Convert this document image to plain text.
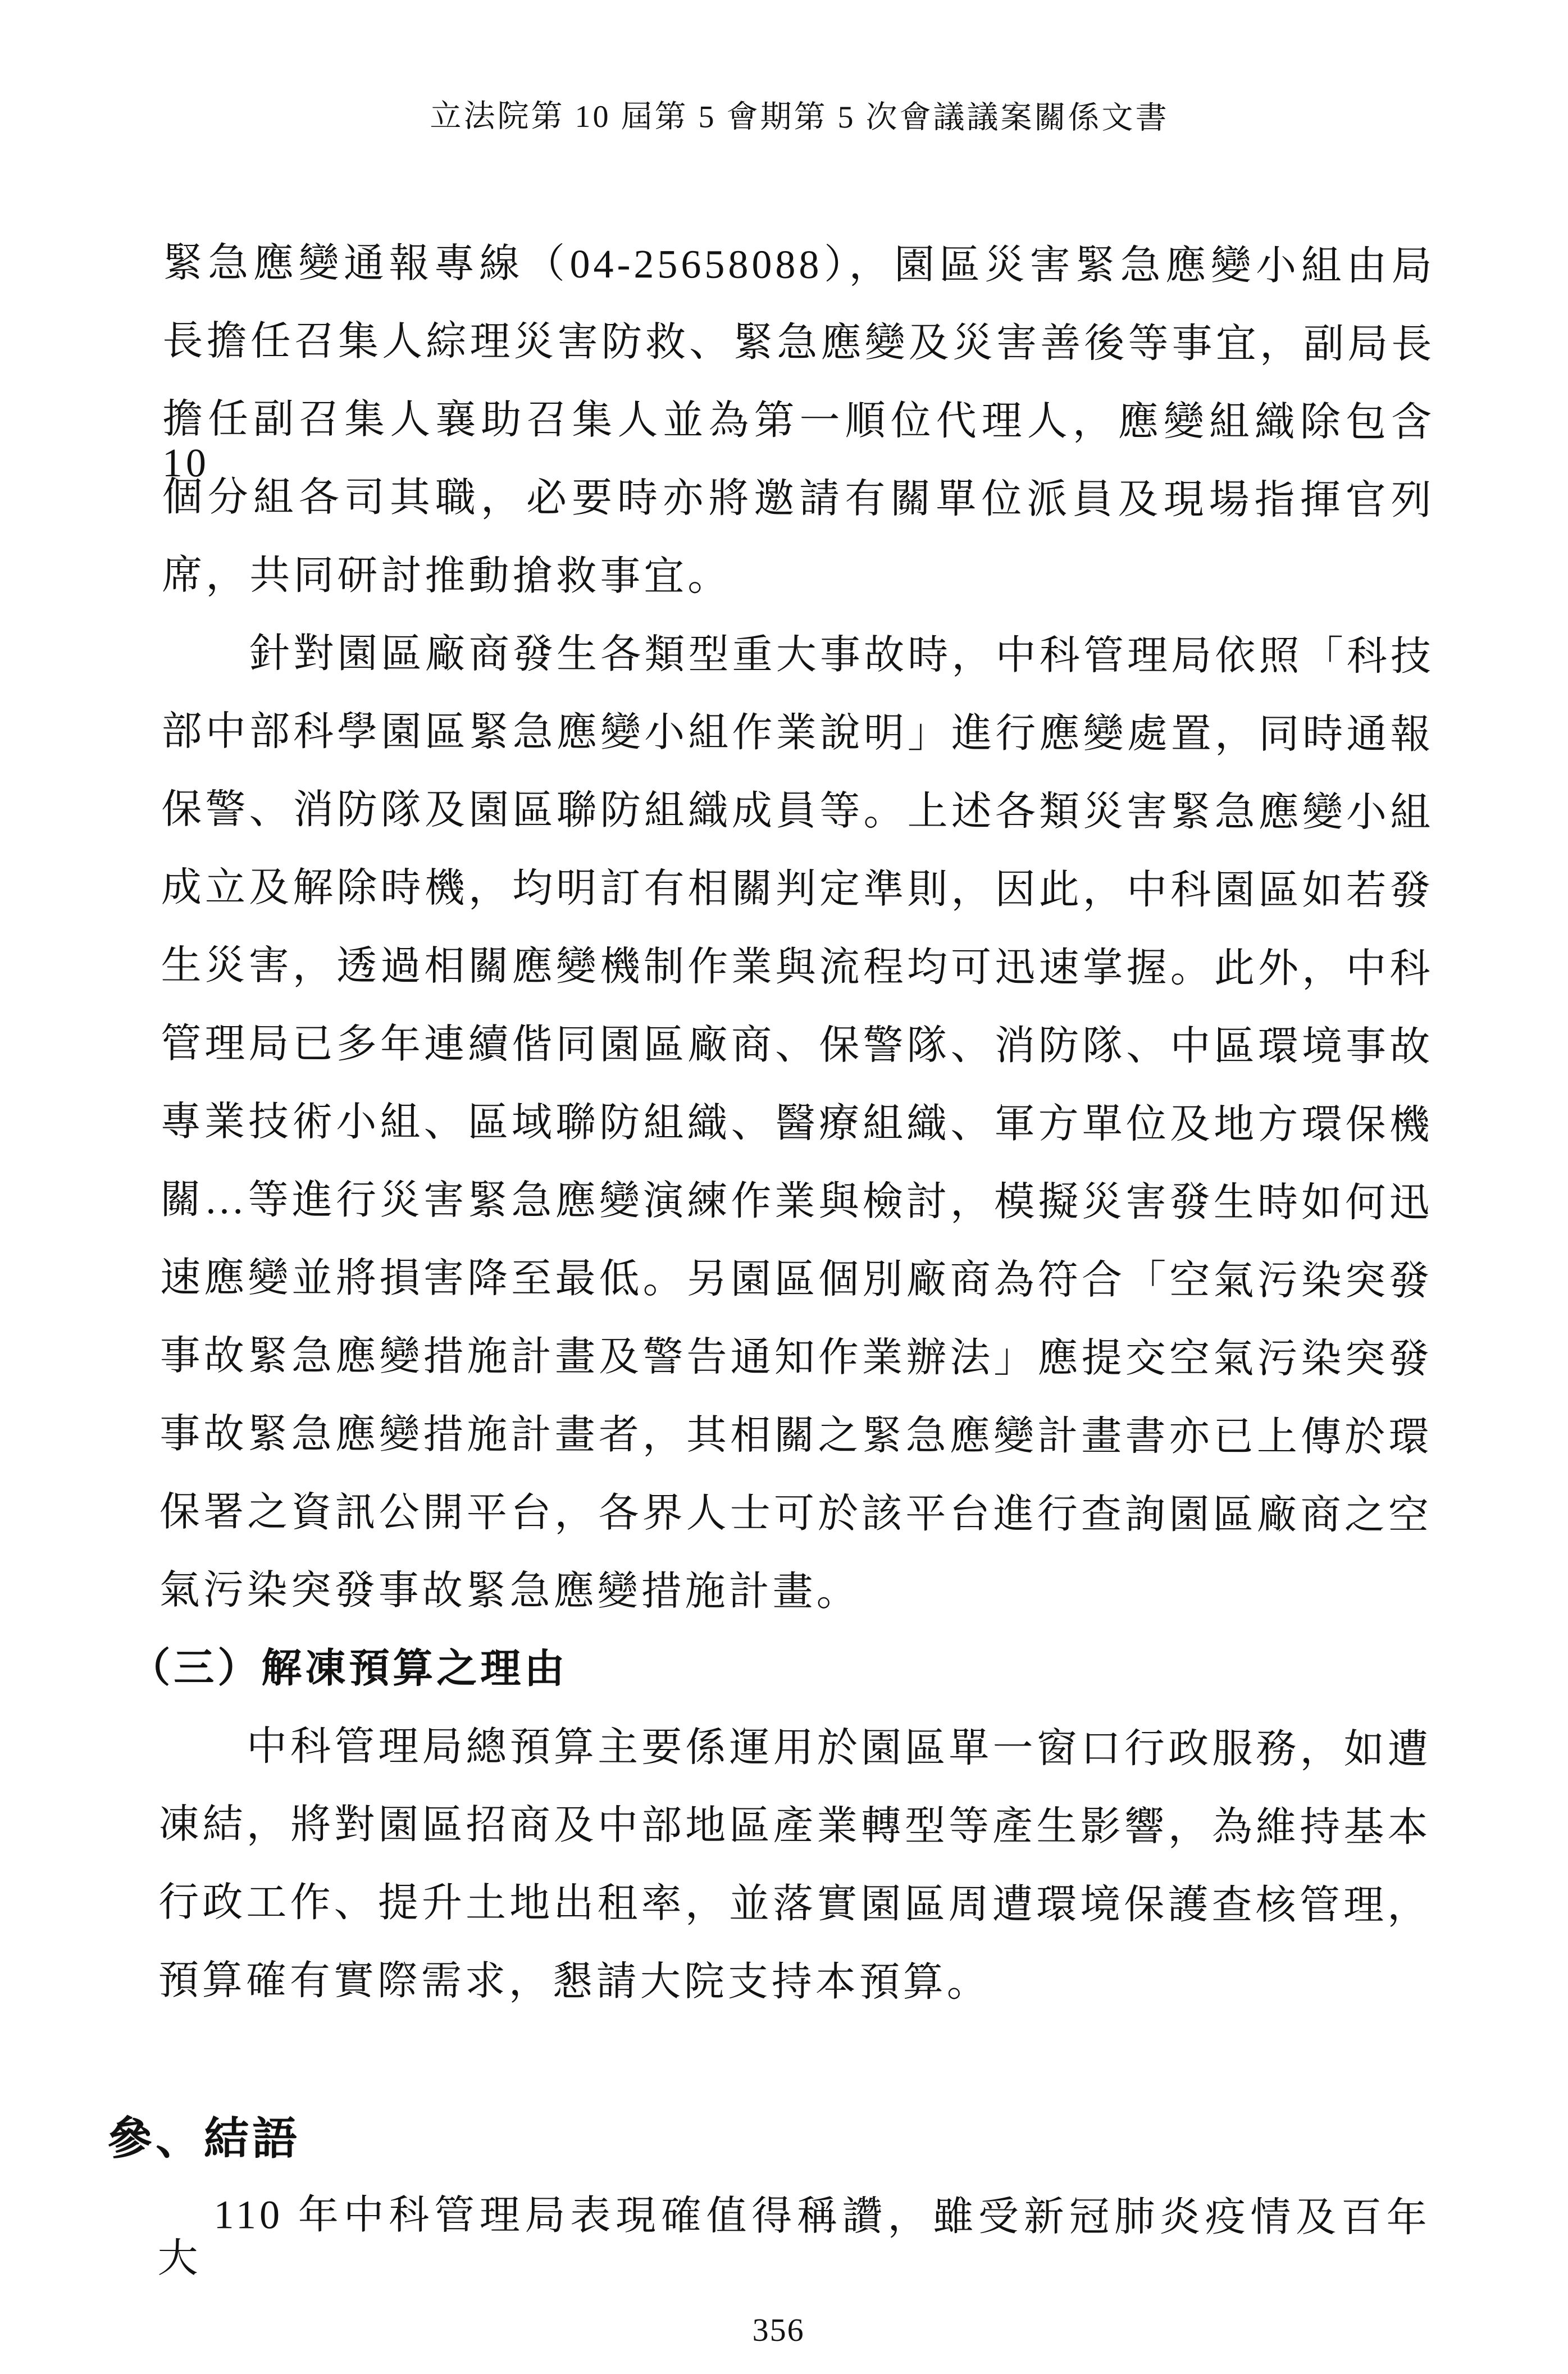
立法院第 10 屆第 5 會期第 5 次會議議案關係文書
緊急應變通報專線（04-25658088），園區災害緊急應變小組由局
長擔任召集人綜理災害防救、緊急應變及災害善後等事宜，副局長
擔任副召集人襄助召集人並為第一順位代理人，應變組織除包含10
個分組各司其職，必要時亦將邀請有關單位派員及現場指揮官列
席，共同研討推動搶救事宜。
針對園區廠商發生各類型重大事故時，中科管理局依照「科技
部中部科學園區緊急應變小組作業說明」進行應變處置，同時通報
保警、消防隊及園區聯防組織成員等。上述各類災害緊急應變小組
成立及解除時機，均明訂有相關判定準則，因此，中科園區如若發
生災害，透過相關應變機制作業與流程均可迅速掌握。此外，中科
管理局已多年連續偕同園區廠商、保警隊、消防隊、中區環境事故
專業技術小組、區域聯防組織、醫療組織、軍方單位及地方環保機
關…等進行災害緊急應變演練作業與檢討，模擬災害發生時如何迅
速應變並將損害降至最低。另園區個別廠商為符合「空氣污染突發
事故緊急應變措施計畫及警告通知作業辦法」應提交空氣污染突發
事故緊急應變措施計畫者，其相關之緊急應變計畫書亦已上傳於環
保署之資訊公開平台，各界人士可於該平台進行查詢園區廠商之空
氣污染突發事故緊急應變措施計畫。
（三）解凍預算之理由
中科管理局總預算主要係運用於園區單一窗口行政服務，如遭
凍結，將對園區招商及中部地區產業轉型等產生影響，為維持基本
行政工作、提升土地出租率，並落實園區周遭環境保護查核管理，
預算確有實際需求，懇請大院支持本預算。
參、結語
110 年中科管理局表現確值得稱讚，雖受新冠肺炎疫情及百年大
356
